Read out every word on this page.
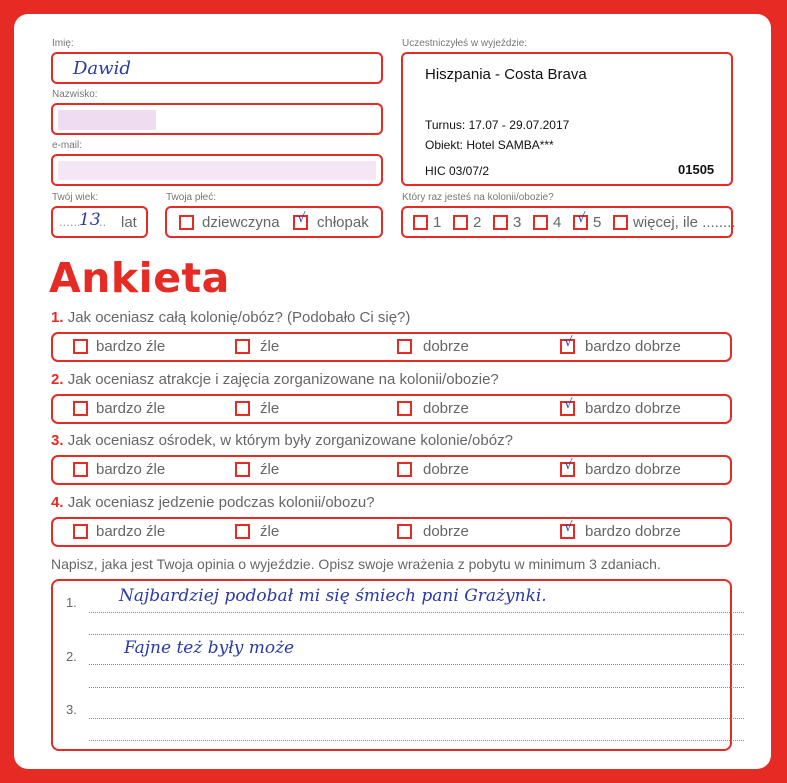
Imię:
Dawid
Nazwisko:
e-mail:
Twój wiek:
......
13
.. lat
Twoja płeć:
dziewczyna √ chłopak
Uczestniczyłeś w wyjeździe:
Hiszpania - Costa Brava
Turnus: 17.07 - 29.07.2017
Obiekt: Hotel SAMBA***
HIC 03/07/2	01505
Który raz jesteś na kolonii/obozie?
1 2 3 4 √ 5 więcej, ile ........
Ankieta
1. Jak oceniasz całą kolonię/obóz? (Podobało Ci się?)
bardzo źle	źle	dobrze	√ bardzo dobrze
2. Jak oceniasz atrakcje i zajęcia zorganizowane na kolonii/obozie?
bardzo źle	źle	dobrze	√ bardzo dobrze
3. Jak oceniasz ośrodek, w którym były zorganizowane kolonie/obóz?
bardzo źle	źle	dobrze	√ bardzo dobrze
4. Jak oceniasz jedzenie podczas kolonii/obozu?
bardzo źle	źle	dobrze	√ bardzo dobrze
Napisz, jaka jest Twoja opinia o wyjeździe. Opisz swoje wrażenia z pobytu w minimum 3 zdaniach.
1. Najbardziej podobał mi się śmiech pani Grażynki.
2.	Fajne też były może
3.
